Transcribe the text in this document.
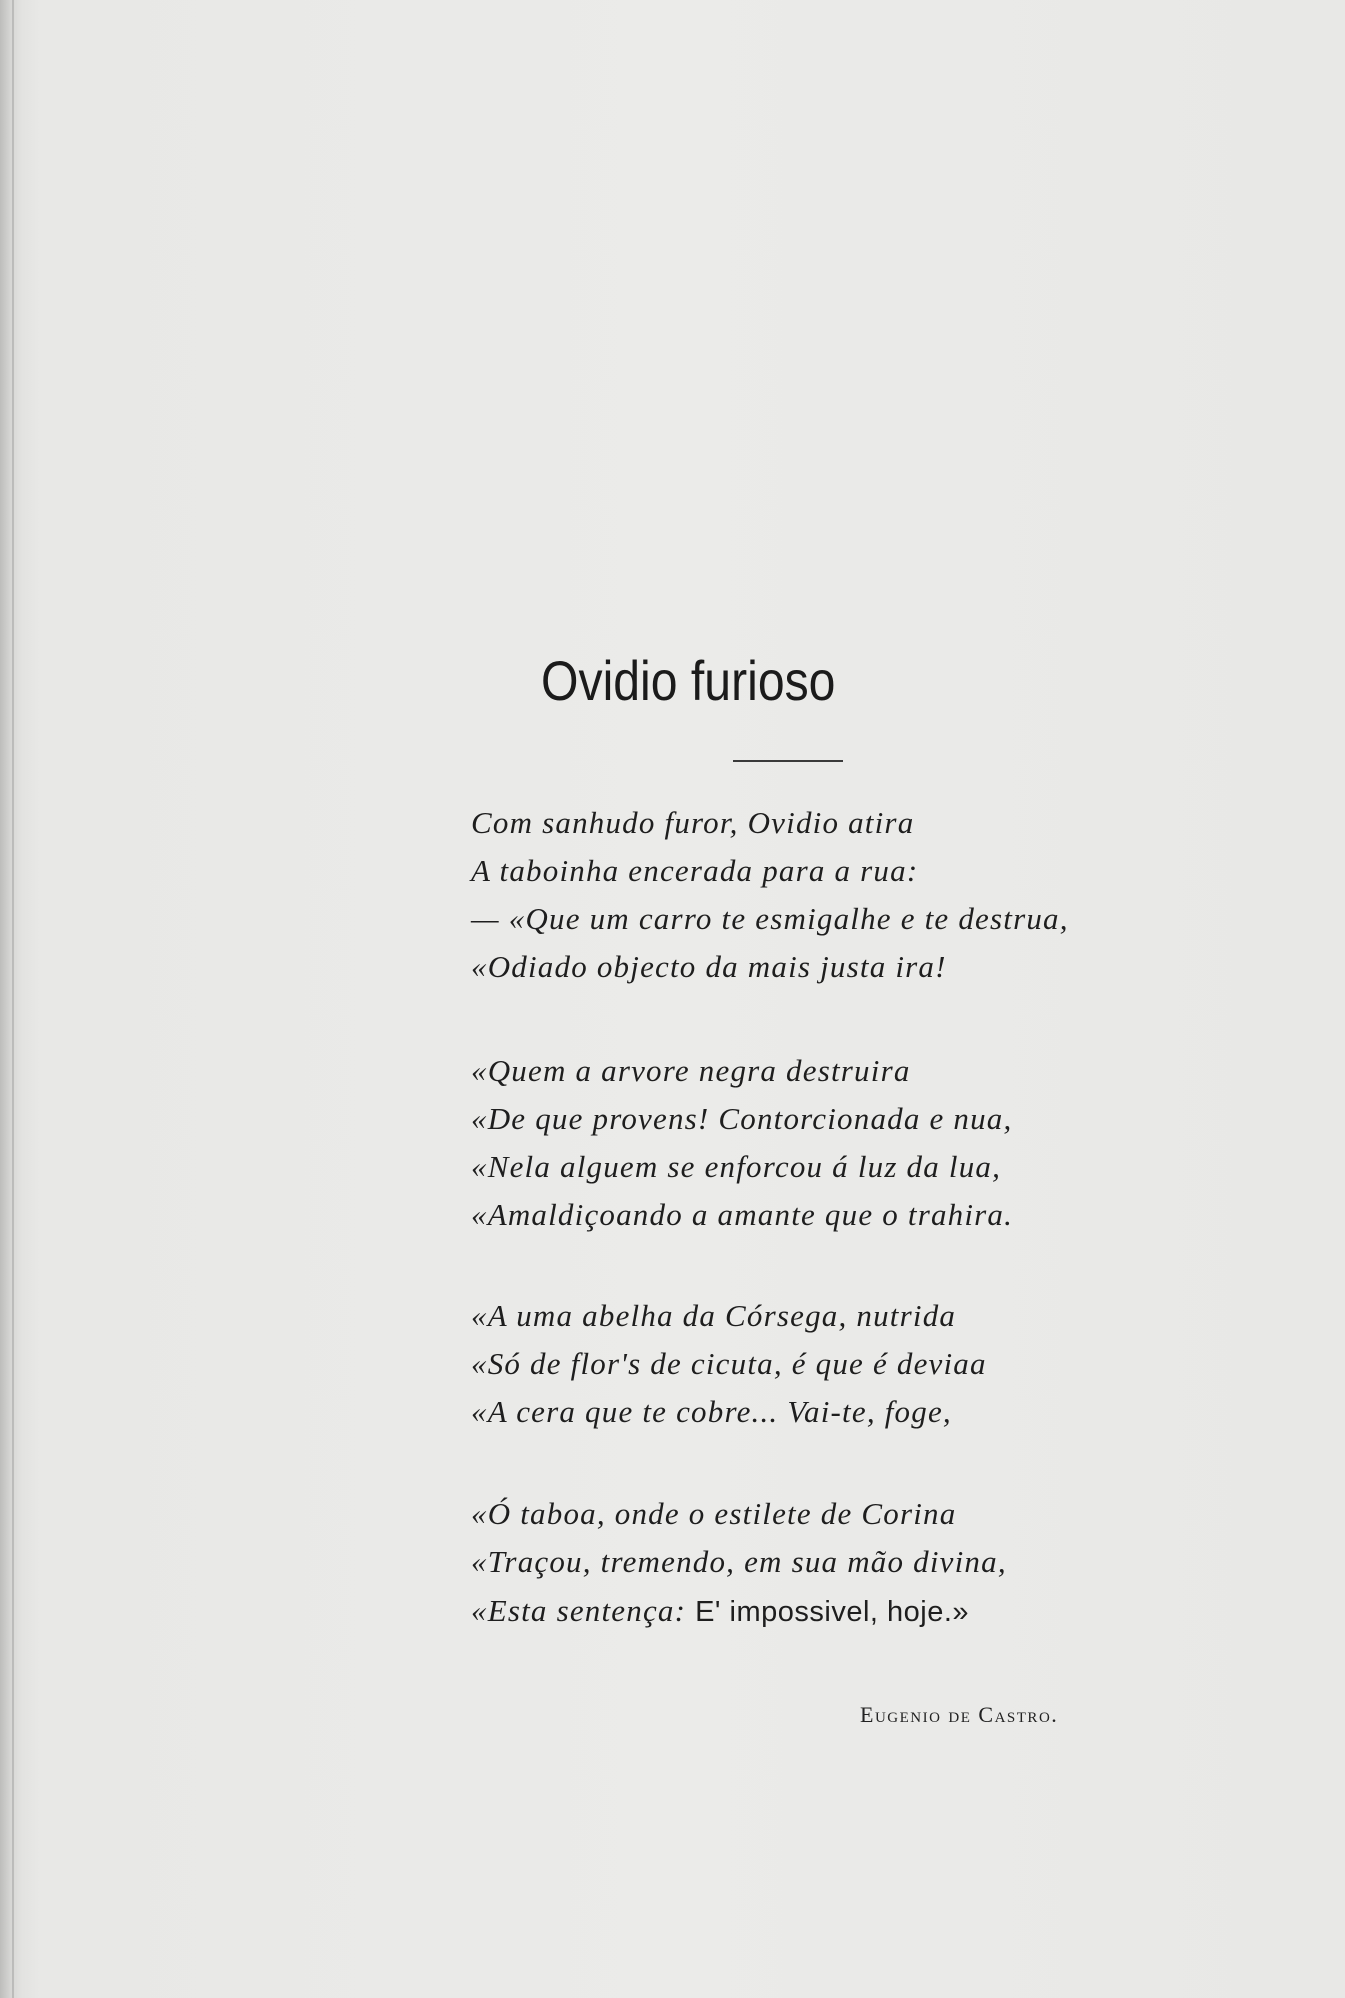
Ovidio furioso
Com sanhudo furor, Ovidio atira
A taboinha encerada para a rua:
— «Que um carro te esmigalhe e te destrua,
«Odiado objecto da mais justa ira!
«Quem a arvore negra destruira
«De que provens! Contorcionada e nua,
«Nela alguem se enforcou á luz da lua,
«Amaldiçoando a amante que o trahira.
«A uma abelha da Córsega, nutrida
«Só de flor's de cicuta, é que é deviaa
«A cera que te cobre... Vai-te, foge,
«Ó taboa, onde o estilete de Corina
«Traçou, tremendo, em sua mão divina,
«Esta sentença: E' impossivel, hoje.»
Eugenio de Castro.
